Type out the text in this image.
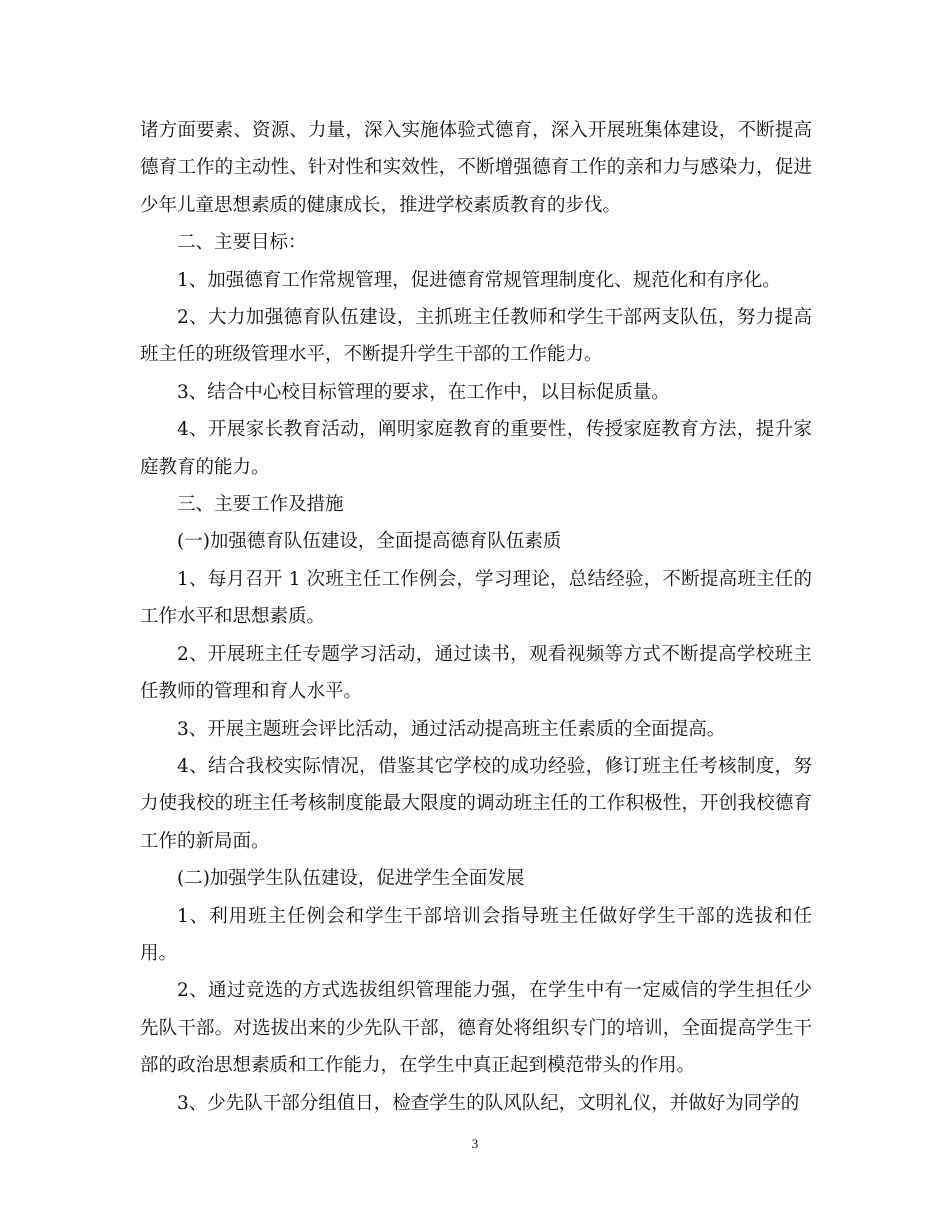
诸方面要素、资源、力量，深入实施体验式德育，深入开展班集体建设，不断提高德育工作的主动性、针对性和实效性，不断增强德育工作的亲和力与感染力，促进少年儿童思想素质的健康成长，推进学校素质教育的步伐。

二、主要目标：

1、加强德育工作常规管理，促进德育常规管理制度化、规范化和有序化。

2、大力加强德育队伍建设，主抓班主任教师和学生干部两支队伍，努力提高班主任的班级管理水平，不断提升学生干部的工作能力。

3、结合中心校目标管理的要求，在工作中，以目标促质量。

4、开展家长教育活动，阐明家庭教育的重要性，传授家庭教育方法，提升家庭教育的能力。

三、主要工作及措施

(一)加强德育队伍建设，全面提高德育队伍素质

1、每月召开 1 次班主任工作例会，学习理论，总结经验，不断提高班主任的工作水平和思想素质。

2、开展班主任专题学习活动，通过读书，观看视频等方式不断提高学校班主任教师的管理和育人水平。

3、开展主题班会评比活动，通过活动提高班主任素质的全面提高。

4、结合我校实际情况，借鉴其它学校的成功经验，修订班主任考核制度，努力使我校的班主任考核制度能最大限度的调动班主任的工作积极性，开创我校德育工作的新局面。

(二)加强学生队伍建设，促进学生全面发展

1、利用班主任例会和学生干部培训会指导班主任做好学生干部的选拔和任用。

2、通过竞选的方式选拔组织管理能力强，在学生中有一定威信的学生担任少先队干部。对选拔出来的少先队干部，德育处将组织专门的培训，全面提高学生干部的政治思想素质和工作能力，在学生中真正起到模范带头的作用。

3、少先队干部分组值日，检查学生的队风队纪，文明礼仪，并做好为同学的

3
